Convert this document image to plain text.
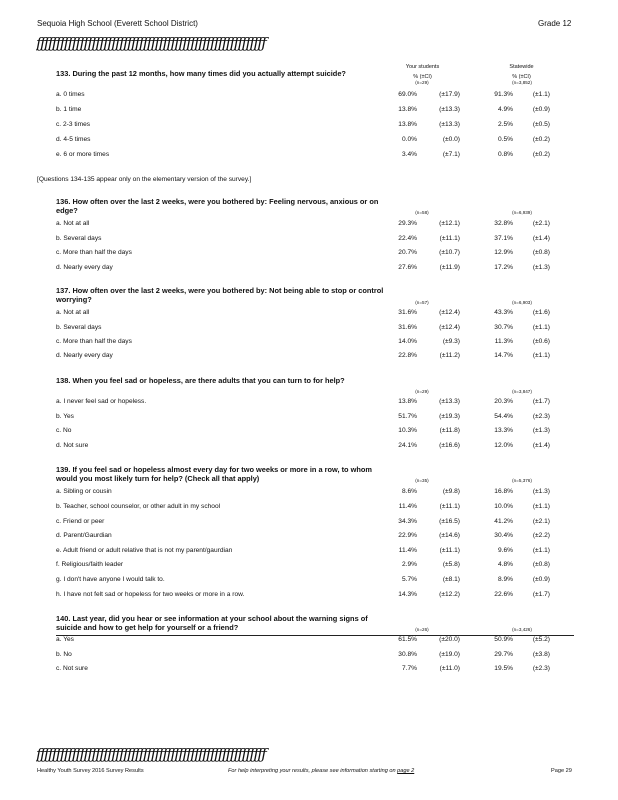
Sequoia High School (Everett School District)	Grade 12
ƒƒƒƒƒƒƒƒƒƒƒƒƒƒƒƒƒƒƒƒƒƒƒƒƒƒƒƒƒƒƒƒƒƒƒƒƒƒƒƒƒƒƒƒƒƒƒƒƒƒƒƒƒƒƒƒƒƒ
Your students
% (±CI)
Statewide
% (±CI)
133. During the past 12 months, how many times did you actually attempt suicide?
(n=29)	(n=3,852)
a. 0 times	69.0%	(±17.9)	91.3%	(±1.1)
b. 1 time	13.8%	(±13.3)	4.9%	(±0.9)
c. 2-3 times	13.8%	(±13.3)	2.5%	(±0.5)
d. 4-5 times	0.0%	(±0.0)	0.5%	(±0.2)
e. 6 or more times	3.4%	(±7.1)	0.8%	(±0.2)
136. How often over the last 2 weeks, were you bothered by: Feeling nervous, anxious or on edge?	(n=58)	(n=6,939)
a. Not at all	29.3%	(±12.1)	32.8%	(±2.1)
b. Several days	22.4%	(±11.1)	37.1%	(±1.4)
c. More than half the days	20.7%	(±10.7)	12.9%	(±0.8)
d. Nearly every day	27.6%	(±11.9)	17.2%	(±1.3)
137. How often over the last 2 weeks, were you bothered by: Not being able to stop or control worrying?	(n=57)	(n=6,903)
a. Not at all	31.6%	(±12.4)	43.3%	(±1.6)
b. Several days	31.6%	(±12.4)	30.7%	(±1.1)
c. More than half the days	14.0%	(±9.3)	11.3%	(±0.6)
d. Nearly every day	22.8%	(±11.2)	14.7%	(±1.1)
138. When you feel sad or hopeless, are there adults that you can turn to for help?
(n=29)	(n=3,847)
a. I never feel sad or hopeless.	13.8%	(±13.3)	20.3%	(±1.7)
b. Yes	51.7%	(±19.3)	54.4%	(±2.3)
c. No	10.3%	(±11.8)	13.3%	(±1.3)
d. Not sure	24.1%	(±16.6)	12.0%	(±1.4)
139. If you feel sad or hopeless almost every day for two weeks or more in a row, to whom would you most likely turn for help? (Check all that apply)	(n=35)	(n=5,376)
a. Sibling or cousin	8.6%	(±9.8)	16.8%	(±1.3)
b. Teacher, school counselor, or other adult in my school	11.4%	(±11.1)	10.0%	(±1.1)
c. Friend or peer	34.3%	(±16.5)	41.2%	(±2.1)
d. Parent/Gaurdian	22.9%	(±14.6)	30.4%	(±2.2)
e. Adult friend or adult relative that is not my parent/gaurdian	11.4%	(±11.1)	9.6%	(±1.1)
f. Religious/faith leader	2.9%	(±5.8)	4.8%	(±0.8)
g. I don't have anyone I would talk to.	5.7%	(±8.1)	8.9%	(±0.9)
h. I have not felt sad or hopeless for two weeks or more in a row.	14.3%	(±12.2)	22.6%	(±1.7)
140. Last year, did you hear or see information at your school about the warning signs of suicide and how to get help for yourself or a friend?	(n=26)	(n=3,426)
a. Yes	61.5%	(±20.0)	50.9%	(±5.2)
b. No	30.8%	(±19.0)	29.7%	(±3.8)
c. Not sure	7.7%	(±11.0)	19.5%	(±2.3)
[Questions 134-135 appear only on the elementary version of the survey.]
ƒƒƒƒƒƒƒƒƒƒƒƒƒƒƒƒƒƒƒƒƒƒƒƒƒƒƒƒƒƒƒƒƒƒƒƒƒƒƒƒƒƒƒƒƒƒƒƒƒƒƒƒƒƒƒƒƒƒ
Healthy Youth Survey 2016 Survey Results	For help interpreting your results, please see information starting on page 2	Page 29
